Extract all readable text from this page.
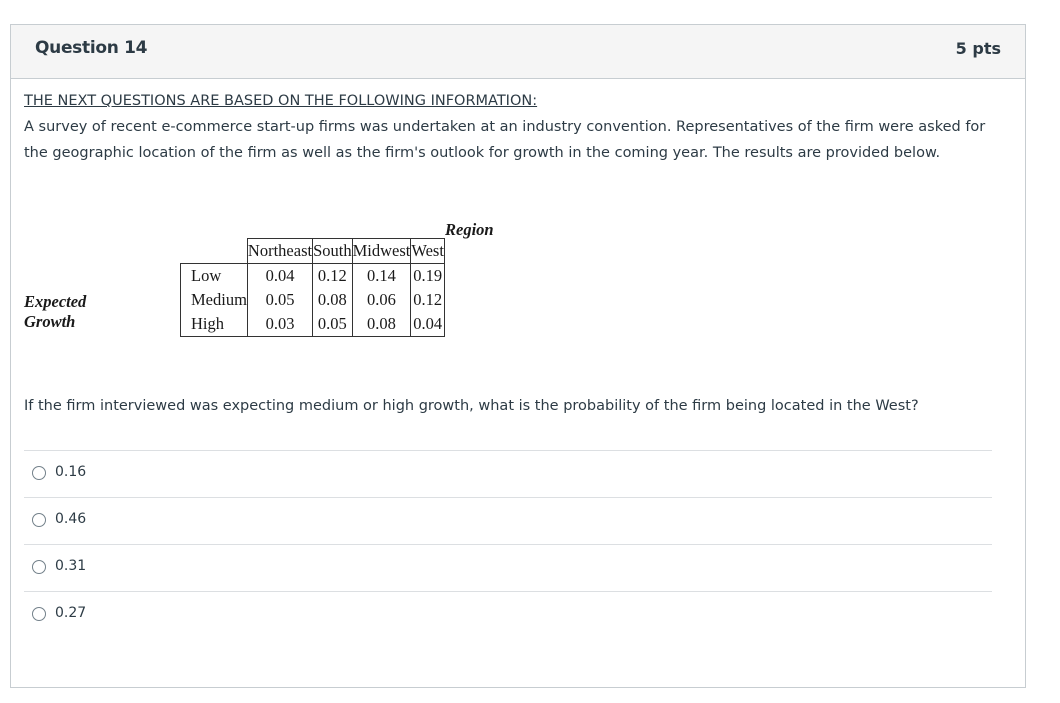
Question 14	5 pts
THE NEXT QUESTIONS ARE BASED ON THE FOLLOWING INFORMATION:
A survey of recent e-commerce start-up firms was undertaken at an industry convention. Representatives of the firm were asked for the geographic location of the firm as well as the firm's outlook for growth in the coming year. The results are provided below.
Region
Expected Growth
	Northeast	South	Midwest	West
Low	0.04	0.12	0.14	0.19
Medium	0.05	0.08	0.06	0.12
High	0.03	0.05	0.08	0.04
If the firm interviewed was expecting medium or high growth, what is the probability of the firm being located in the West?
0.16
0.46
0.31
0.27
